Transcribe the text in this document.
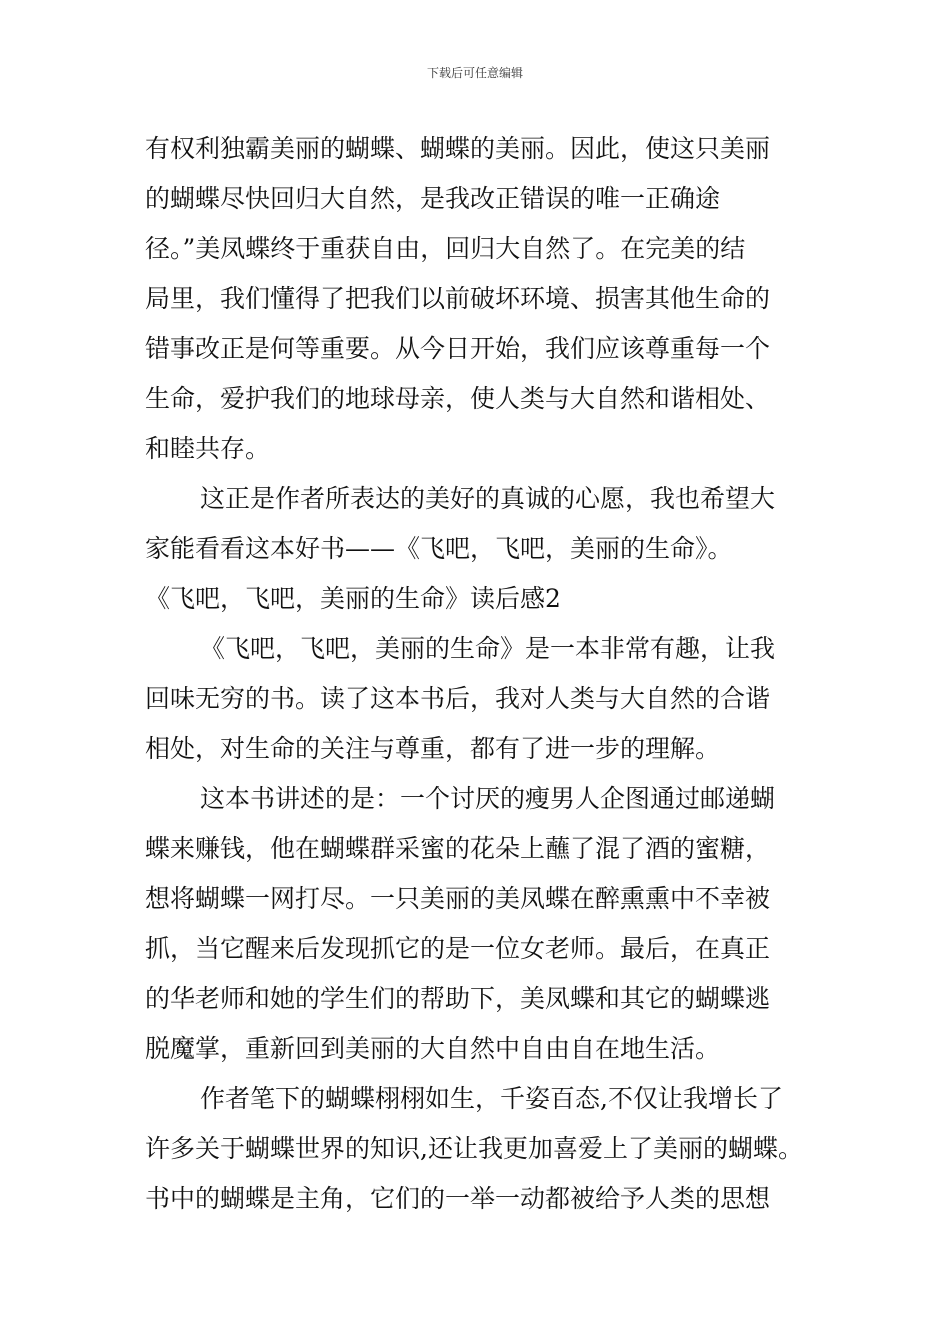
下载后可任意编辑
有权利独霸美丽的蝴蝶、蝴蝶的美丽。因此，使这只美丽
的蝴蝶尽快回归大自然，是我改正错误的唯一正确途
径。”美凤蝶终于重获自由，回归大自然了。在完美的结
局里，我们懂得了把我们以前破坏环境、损害其他生命的
错事改正是何等重要。从今日开始，我们应该尊重每一个
生命，爱护我们的地球母亲，使人类与大自然和谐相处、
和睦共存。
这正是作者所表达的美好的真诚的心愿，我也希望大
家能看看这本好书——《飞吧，飞吧，美丽的生命》。
《飞吧，飞吧，美丽的生命》读后感2
《飞吧，飞吧，美丽的生命》是一本非常有趣，让我
回味无穷的书。读了这本书后，我对人类与大自然的合谐
相处，对生命的关注与尊重，都有了进一步的理解。
这本书讲述的是：一个讨厌的瘦男人企图通过邮递蝴
蝶来赚钱，他在蝴蝶群采蜜的花朵上蘸了混了酒的蜜糖，
想将蝴蝶一网打尽。一只美丽的美凤蝶在醉熏熏中不幸被
抓，当它醒来后发现抓它的是一位女老师。最后，在真正
的华老师和她的学生们的帮助下，美凤蝶和其它的蝴蝶逃
脱魔掌，重新回到美丽的大自然中自由自在地生活。
作者笔下的蝴蝶栩栩如生，千姿百态,不仅让我增长了
许多关于蝴蝶世界的知识,还让我更加喜爱上了美丽的蝴蝶。
书中的蝴蝶是主角，它们的一举一动都被给予人类的思想
